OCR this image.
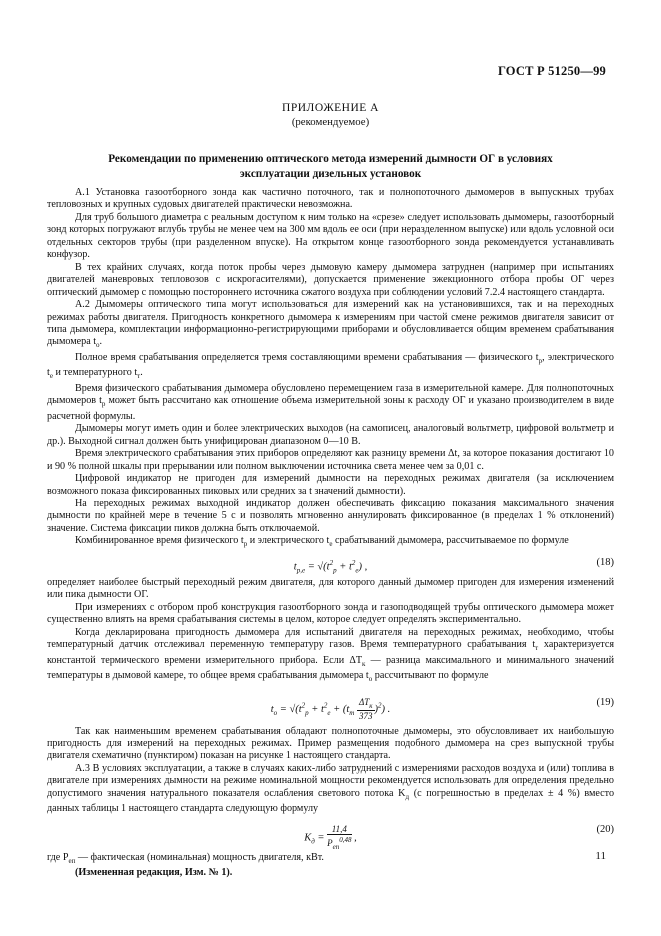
ГОСТ Р 51250—99
ПРИЛОЖЕНИЕ А
(рекомендуемое)
Рекомендации по применению оптического метода измерений дымности ОГ в условиях эксплуатации дизельных установок

А.1 Установка газоотборного зонда как частично поточного, так и полнопоточного дымомеров в выпускных трубах тепловозных и крупных судовых двигателей практически невозможна.

Для труб большого диаметра с реальным доступом к ним только на «срезе» следует использовать дымомеры, газоотборный зонд которых погружают вглубь трубы не менее чем на 300 мм вдоль ее оси (при неразделенном выпуске) или вдоль условной оси отдельных секторов трубы (при разделенном впуске). На открытом конце газоотборного зонда рекомендуется устанавливать конфузор.

В тех крайних случаях, когда поток пробы через дымовую камеру дымомера затруднен (например при испытаниях двигателей маневровых тепловозов с искрогасителями), допускается применение эжекционного отбора пробы ОГ через оптический дымомер с помощью постороннего источника сжатого воздуха при соблюдении условий 7.2.4 настоящего стандарта.

А.2 Дымомеры оптического типа могут использоваться для измерений как на установившихся, так и на переходных режимах работы двигателя. Пригодность конкретного дымомера к измерениям при частой смене режимов двигателя зависит от типа дымомера, комплектации информационно-регистрирующими приборами и обусловливается общим временем срабатывания дымомера $t_о$.

Полное время срабатывания определяется тремя составляющими времени срабатывания — физического $t_р$, электрического $t_е$ и температурного $t_т$.

Время физического срабатывания дымомера обусловлено перемещением газа в измерительной камере. Для полнопоточных дымомеров $t_р$ может быть рассчитано как отношение объема измерительной зоны к расходу ОГ и указано производителем в виде расчетной формулы.

Дымомеры могут иметь один и более электрических выходов (на самописец, аналоговый вольтметр, цифровой вольтметр и др.). Выходной сигнал должен быть унифицирован диапазоном 0—10 В.

Время электрического срабатывания этих приборов определяют как разницу времени Δt, за которое показания достигают 10 и 90 % полной шкалы при прерывании или полном выключении источника света менее чем за 0,01 с.

Цифровой индикатор не пригоден для измерений дымности на переходных режимах двигателя (за исключением возможного показа фиксированных пиковых или средних за t значений дымности).

На переходных режимах выходной индикатор должен обеспечивать фиксацию показания максимального значения дымности по крайней мере в течение 5 с и позволять мгновенно аннулировать фиксированное (в пределах 1 % отклонений) значение. Система фиксации пиков должна быть отключаемой.

Комбинированное время физического $t_р$ и электрического $t_е$ срабатываний дымомера, рассчитываемое по формуле

$t_{р,е} = √(t^2_р + t^2_е)$ ,	(18)

определяет наиболее быстрый переходный режим двигателя, для которого данный дымомер пригоден для измерения изменений или пика дымности ОГ.

При измерениях с отбором проб конструкция газоотборного зонда и газоподводящей трубы оптического дымомера может существенно влиять на время срабатывания системы в целом, которое следует определять экспериментально.

Когда декларирована пригодность дымомера для испытаний двигателя на переходных режимах, необходимо, чтобы температурный датчик отслеживал переменную температуру газов. Время температурного срабатывания $t_т$ характеризуется константой термического времени измерительного прибора. Если $\Delta T_к$ — разница максимального и минимального значений температуры в дымовой камере, то общее время срабатывания дымомера $t_о$ рассчитывают по формуле

$t_о = √(t^2_р + t^2_е + (t_т \frac{\Delta T_к}{373} )^2)$ .
(19)

Так как наименьшим временем срабатывания обладают полнопоточные дымомеры, это обусловливает их наибольшую пригодность для измерений на переходных режимах. Пример размещения подобного дымомера на срез выпускной трубы двигателя схематично (пунктиром) показан на рисунке 1 настоящего стандарта.

А.3 В условиях эксплуатации, а также в случаях каких-либо затруднений с измерениями расходов воздуха и (или) топлива в двигателе при измерениях дымности на режиме номинальной мощности рекомендуется использовать для определения предельно допустимого значения натурального показателя ослабления светового потока $K_д$ (с погрешностью в пределах ± 4 %) вместо данных таблицы 1 настоящего стандарта следующую формулу

$K_д = \frac{11,4}{P_{еп}^{0,48}}$ ,
(20)

где $P_{еп}$ — фактическая (номинальная) мощность двигателя, кВт.

(Измененная редакция, Изм. № 1).

11
